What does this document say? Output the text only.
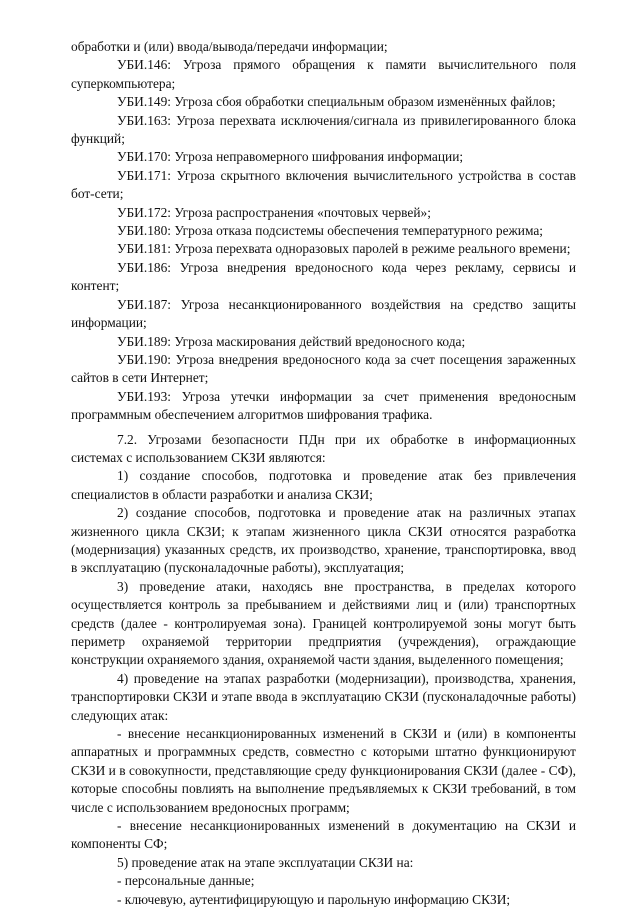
обработки и (или) ввода/вывода/передачи информации;

УБИ.146: Угроза прямого обращения к памяти вычислительного поля суперкомпьютера;

УБИ.149: Угроза сбоя обработки специальным образом изменённых файлов;

УБИ.163: Угроза перехвата исключения/сигнала из привилегированного блока функций;

УБИ.170: Угроза неправомерного шифрования информации;

УБИ.171: Угроза скрытного включения вычислительного устройства в состав бот-сети;

УБИ.172: Угроза распространения «почтовых червей»;

УБИ.180: Угроза отказа подсистемы обеспечения температурного режима;

УБИ.181: Угроза перехвата одноразовых паролей в режиме реального времени;

УБИ.186: Угроза внедрения вредоносного кода через рекламу, сервисы и контент;

УБИ.187: Угроза несанкционированного воздействия на средство защиты информации;

УБИ.189: Угроза маскирования действий вредоносного кода;

УБИ.190: Угроза внедрения вредоносного кода за счет посещения зараженных сайтов в сети Интернет;

УБИ.193: Угроза утечки информации за счет применения вредоносным программным обеспечением алгоритмов шифрования трафика.

7.2. Угрозами безопасности ПДн при их обработке в информационных системах с использованием СКЗИ являются:

1) создание способов, подготовка и проведение атак без привлечения специалистов в области разработки и анализа СКЗИ;

2) создание способов, подготовка и проведение атак на различных этапах жизненного цикла СКЗИ; к этапам жизненного цикла СКЗИ относятся разработка (модернизация) указанных средств, их производство, хранение, транспортировка, ввод в эксплуатацию (пусконаладочные работы), эксплуатация;

3) проведение атаки, находясь вне пространства, в пределах которого осуществляется контроль за пребыванием и действиями лиц и (или) транспортных средств (далее - контролируемая зона). Границей контролируемой зоны могут быть периметр охраняемой территории предприятия (учреждения), ограждающие конструкции охраняемого здания, охраняемой части здания, выделенного помещения;

4) проведение на этапах разработки (модернизации), производства, хранения, транспортировки СКЗИ и этапе ввода в эксплуатацию СКЗИ (пусконаладочные работы) следующих атак:

- внесение несанкционированных изменений в СКЗИ и (или) в компоненты аппаратных и программных средств, совместно с которыми штатно функционируют СКЗИ и в совокупности, представляющие среду функционирования СКЗИ (далее - СФ), которые способны повлиять на выполнение предъявляемых к СКЗИ требований, в том числе с использованием вредоносных программ;

- внесение несанкционированных изменений в документацию на СКЗИ и компоненты СФ;

5) проведение атак на этапе эксплуатации СКЗИ на:

- персональные данные;

- ключевую, аутентифицирующую и парольную информацию СКЗИ;
